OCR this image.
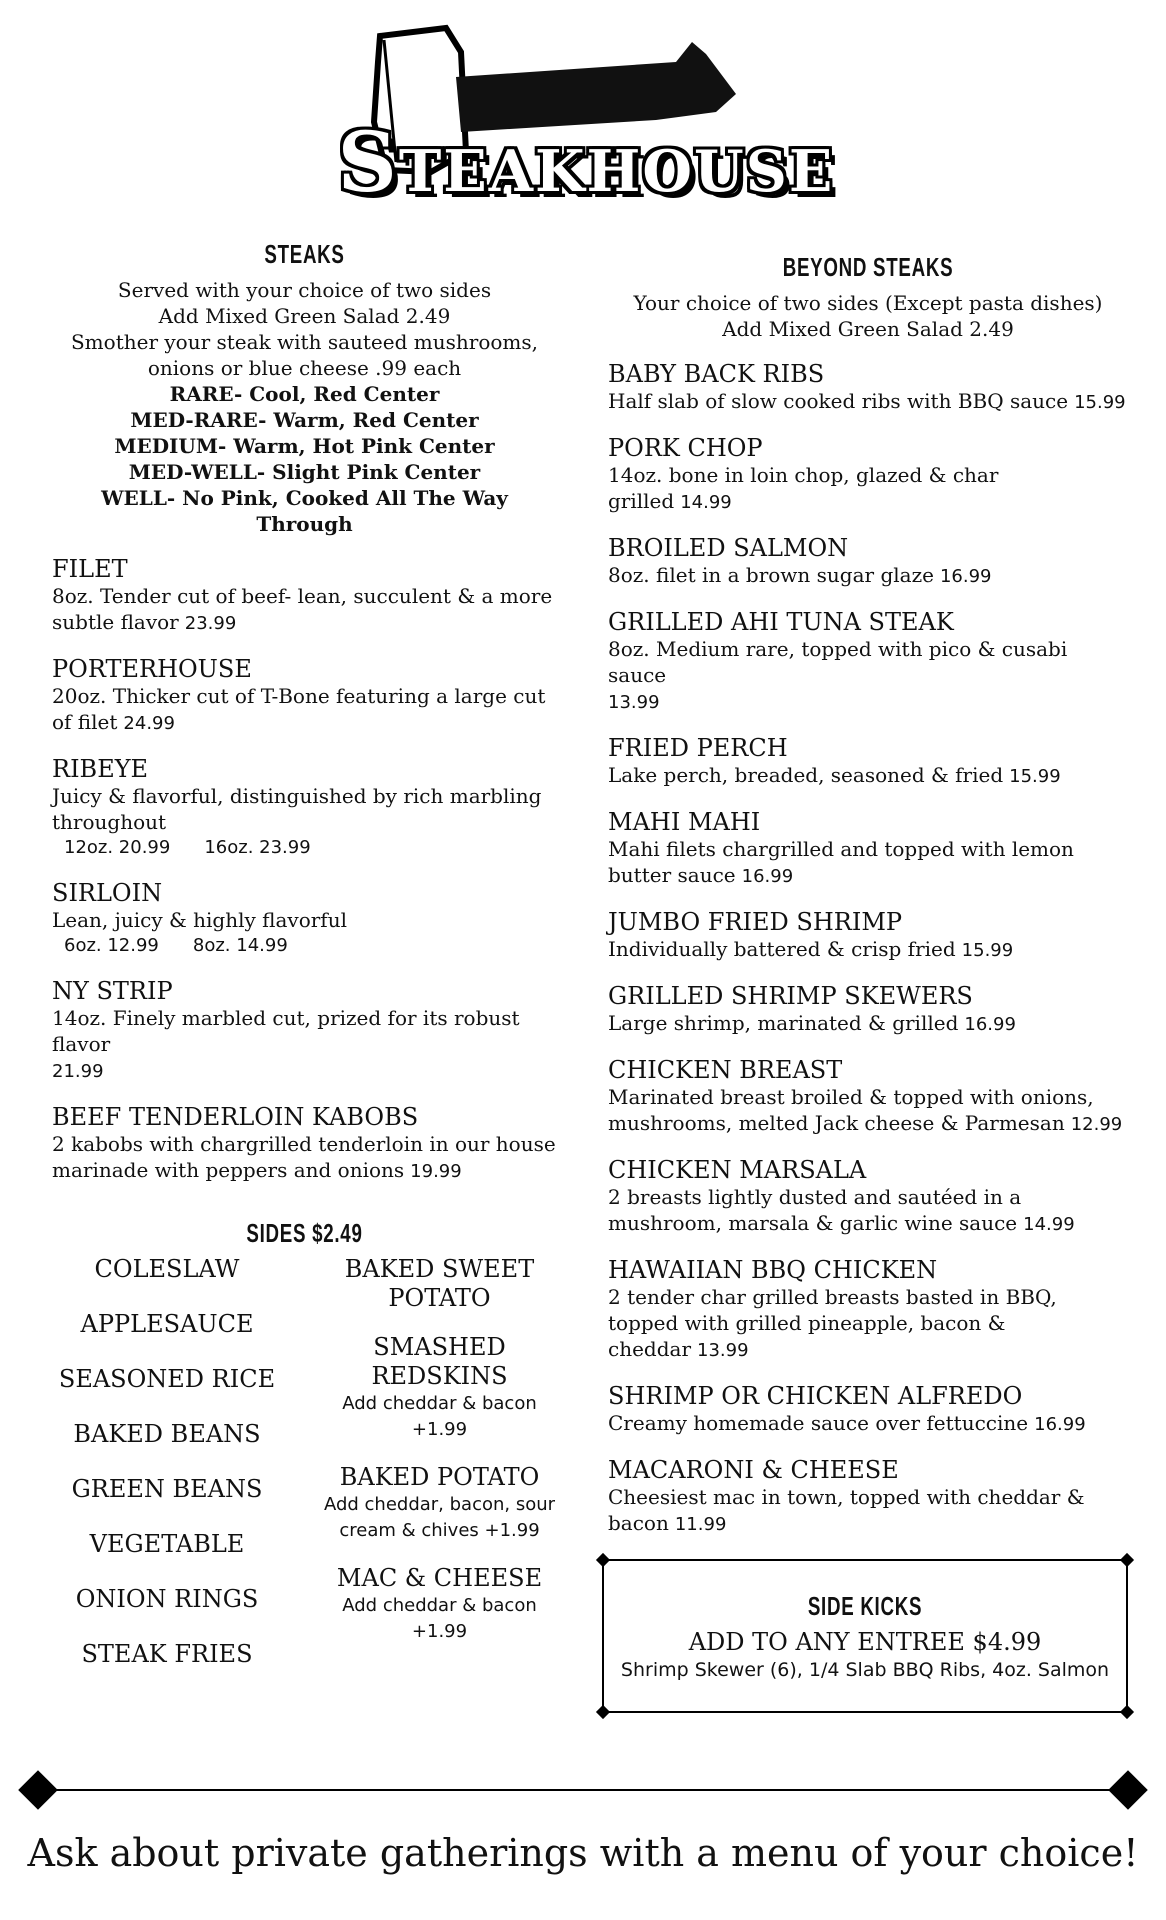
Steakhouse
STEAKS
Served with your choice of two sides
Add Mixed Green Salad 2.49
Smother your steak with sauteed mushrooms,
onions or blue cheese .99 each
RARE- Cool, Red Center
MED-RARE- Warm, Red Center
MEDIUM- Warm, Hot Pink Center
MED-WELL- Slight Pink Center
WELL- No Pink, Cooked All The Way Through
FILET
8oz. Tender cut of beef- lean, succulent & a more subtle flavor 23.99
PORTERHOUSE
20oz. Thicker cut of T-Bone featuring a large cut of filet 24.99
RIBEYE
Juicy & flavorful, distinguished by rich marbling throughout
12oz. 20.99 16oz. 23.99
SIRLOIN
Lean, juicy & highly flavorful
6oz. 12.99 8oz. 14.99
NY STRIP
14oz. Finely marbled cut, prized for its robust flavor
21.99
BEEF TENDERLOIN KABOBS
2 kabobs with chargrilled tenderloin in our house marinade with peppers and onions 19.99
SIDES $2.49
COLESLAW
APPLESAUCE
SEASONED RICE
BAKED BEANS
GREEN BEANS
VEGETABLE
ONION RINGS
STEAK FRIES
BAKED SWEET POTATO
SMASHED REDSKINS
Add cheddar & bacon +1.99
BAKED POTATO
Add cheddar, bacon, sour cream & chives +1.99
MAC & CHEESE
Add cheddar & bacon +1.99
BEYOND STEAKS
Your choice of two sides (Except pasta dishes)
Add Mixed Green Salad 2.49
BABY BACK RIBS
Half slab of slow cooked ribs with BBQ sauce 15.99
PORK CHOP
14oz. bone in loin chop, glazed & char grilled 14.99
BROILED SALMON
8oz. filet in a brown sugar glaze 16.99
GRILLED AHI TUNA STEAK
8oz. Medium rare, topped with pico & cusabi sauce
13.99
FRIED PERCH
Lake perch, breaded, seasoned & fried 15.99
MAHI MAHI
Mahi filets chargrilled and topped with lemon butter sauce 16.99
JUMBO FRIED SHRIMP
Individually battered & crisp fried 15.99
GRILLED SHRIMP SKEWERS
Large shrimp, marinated & grilled 16.99
CHICKEN BREAST
Marinated breast broiled & topped with onions, mushrooms, melted Jack cheese & Parmesan 12.99
CHICKEN MARSALA
2 breasts lightly dusted and sautéed in a mushroom, marsala & garlic wine sauce 14.99
HAWAIIAN BBQ CHICKEN
2 tender char grilled breasts basted in BBQ, topped with grilled pineapple, bacon & cheddar 13.99
SHRIMP OR CHICKEN ALFREDO
Creamy homemade sauce over fettuccine 16.99
MACARONI & CHEESE
Cheesiest mac in town, topped with cheddar & bacon 11.99
SIDE KICKS
ADD TO ANY ENTREE $4.99
Shrimp Skewer (6), 1/4 Slab BBQ Ribs, 4oz. Salmon
Ask about private gatherings with a menu of your choice!
